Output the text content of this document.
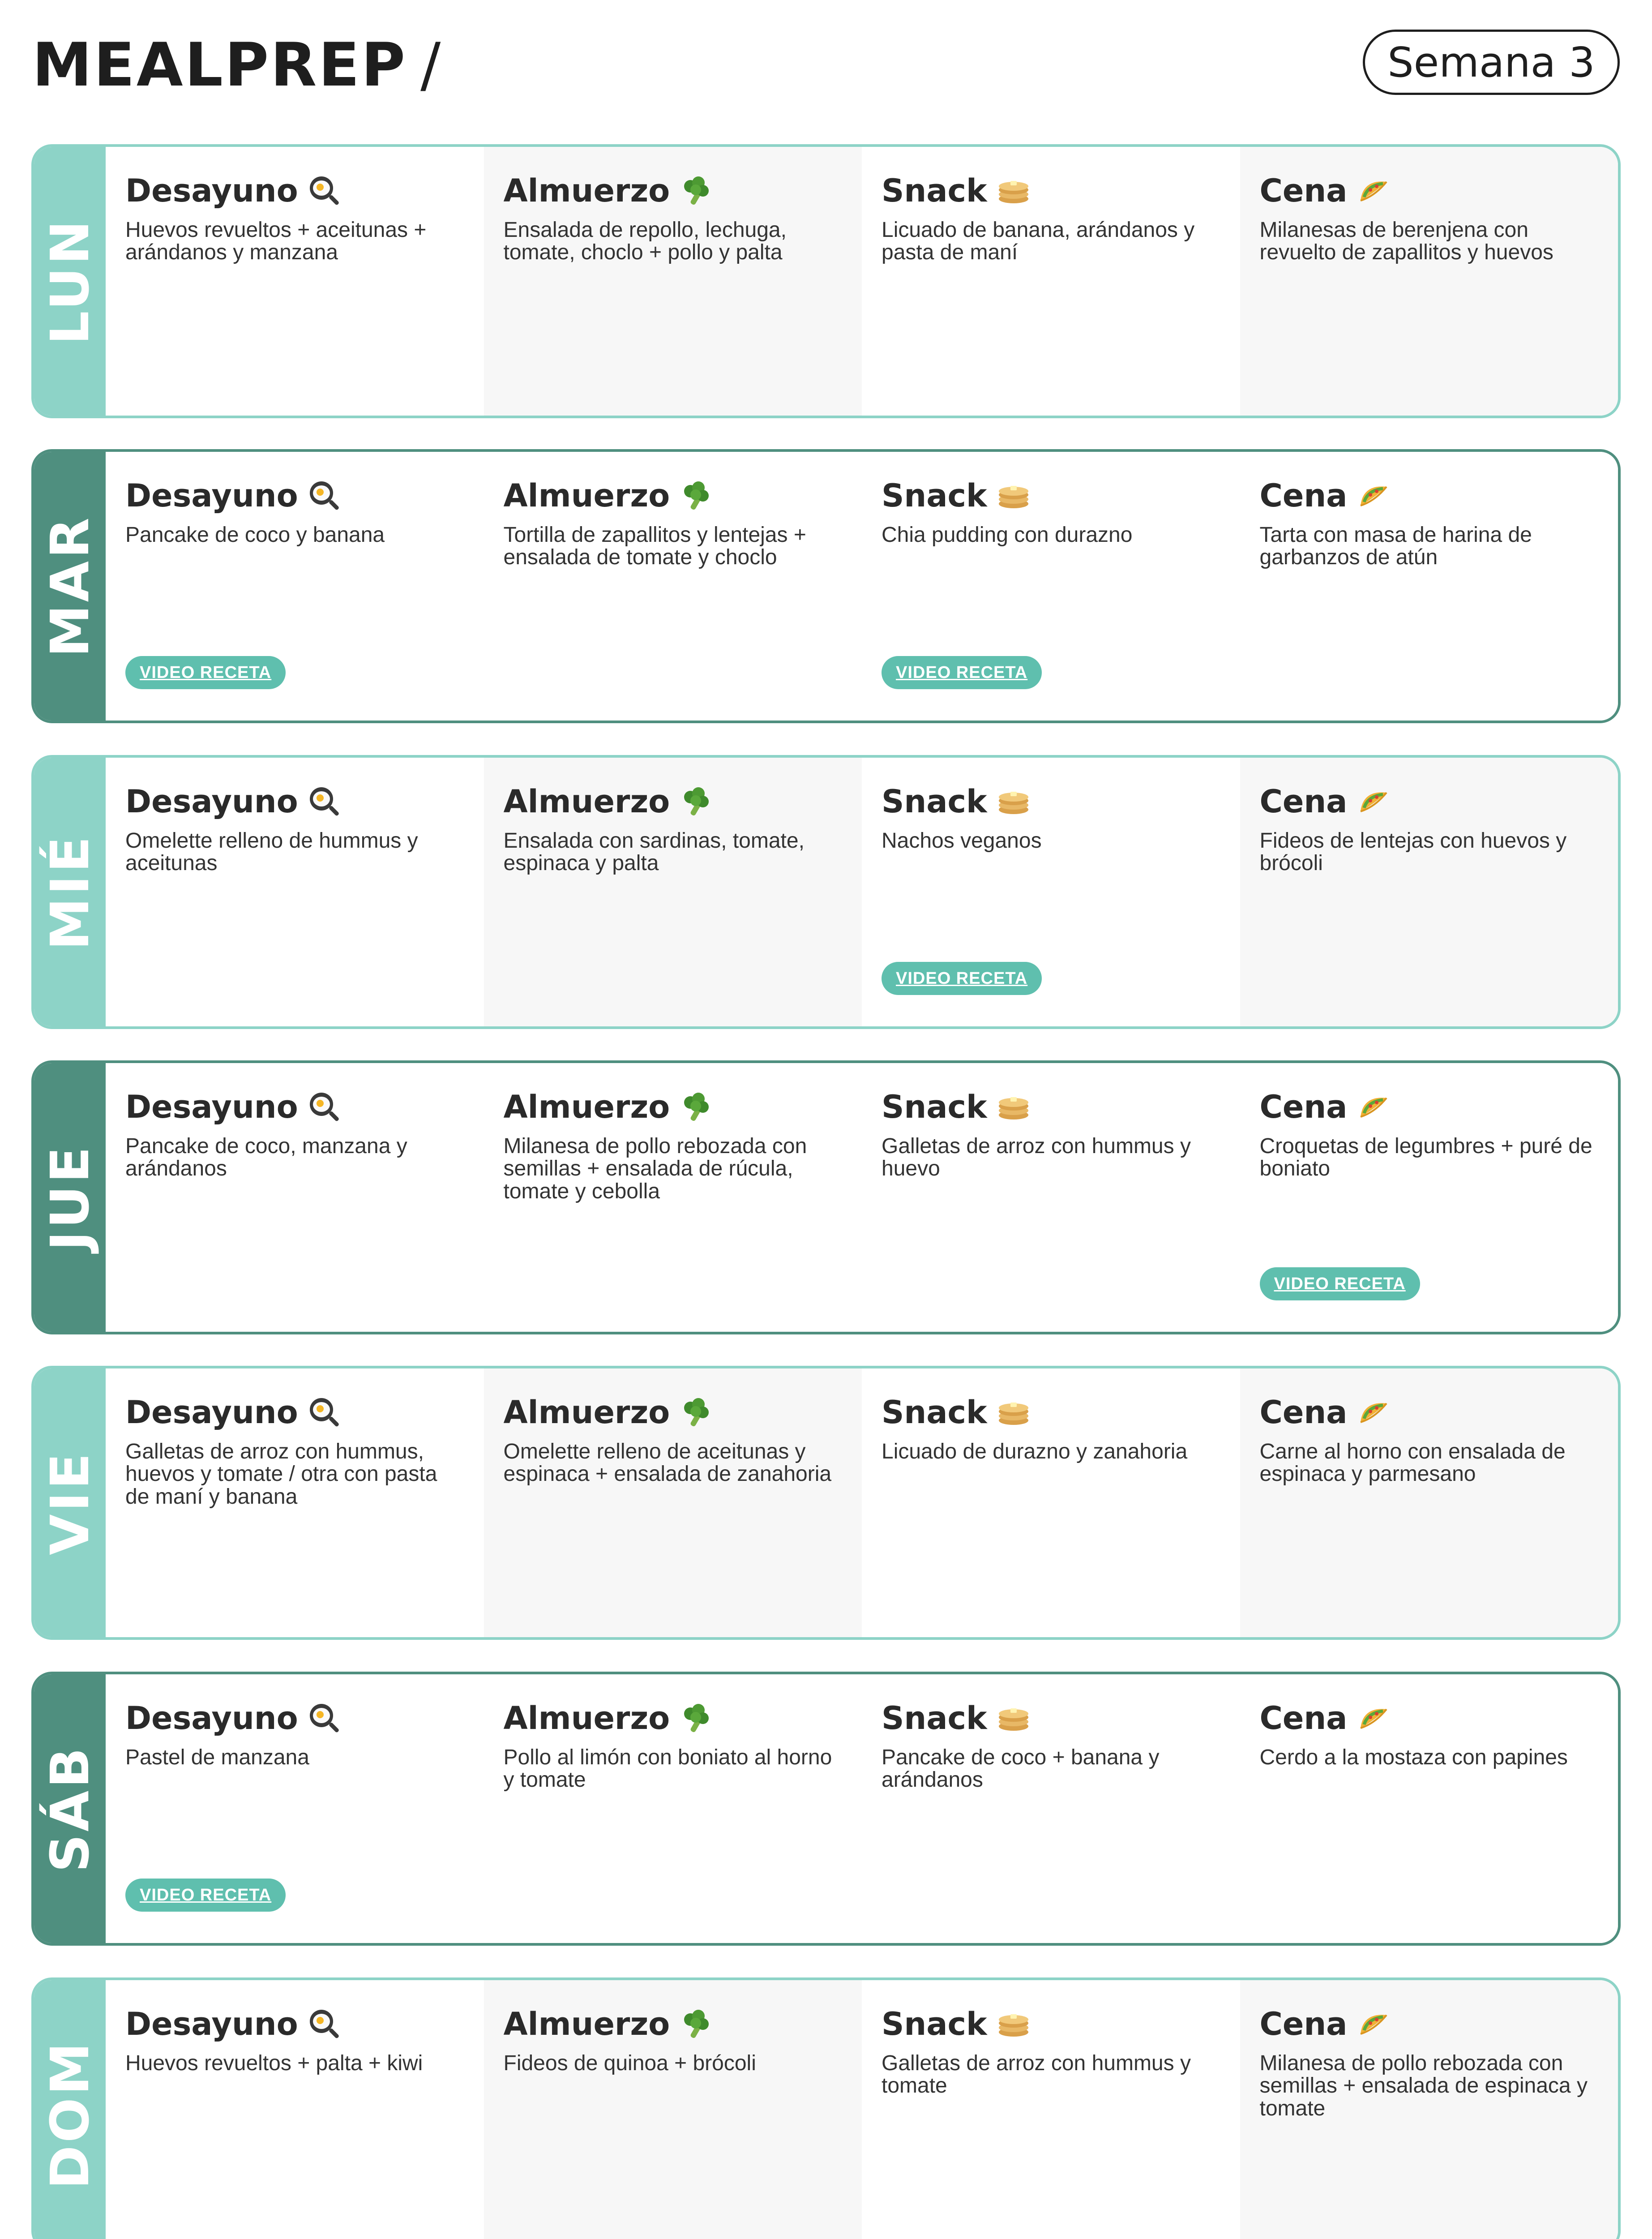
MEALPREP /	Semana 3
LUN
Desayuno
Huevos revueltos + aceitunas + arándanos y manzana
Almuerzo
Ensalada de repollo, lechuga, tomate, choclo + pollo y palta
Snack
Licuado de banana, arándanos y pasta de maní
Cena
Milanesas de berenjena con revuelto de zapallitos y huevos
MAR
Desayuno
Pancake de coco y banana
VIDEO RECETA
Almuerzo
Tortilla de zapallitos y lentejas + ensalada de tomate y choclo
Snack
Chia pudding con durazno
VIDEO RECETA
Cena
Tarta con masa de harina de garbanzos de atún
MIÉ
Desayuno
Omelette relleno de hummus y aceitunas
Almuerzo
Ensalada con sardinas, tomate, espinaca y palta
Snack
Nachos veganos
VIDEO RECETA
Cena
Fideos de lentejas con huevos y brócoli
JUE
Desayuno
Pancake de coco, manzana y arándanos
Almuerzo
Milanesa de pollo rebozada con semillas + ensalada de rúcula, tomate y cebolla
Snack
Galletas de arroz con hummus y huevo
Cena
Croquetas de legumbres + puré de boniato
VIDEO RECETA
VIE
Desayuno
Galletas de arroz con hummus, huevos y tomate / otra con pasta de maní y banana
Almuerzo
Omelette relleno de aceitunas y espinaca + ensalada de zanahoria
Snack
Licuado de durazno y zanahoria
Cena
Carne al horno con ensalada de espinaca y parmesano
SÁB
Desayuno
Pastel de manzana
VIDEO RECETA
Almuerzo
Pollo al limón con boniato al horno y tomate
Snack
Pancake de coco + banana y arándanos
Cena
Cerdo a la mostaza con papines
DOM
Desayuno
Huevos revueltos + palta + kiwi
Almuerzo
Fideos de quinoa + brócoli
Snack
Galletas de arroz con hummus y tomate
Cena
Milanesa de pollo rebozada con semillas + ensalada de espinaca y tomate
